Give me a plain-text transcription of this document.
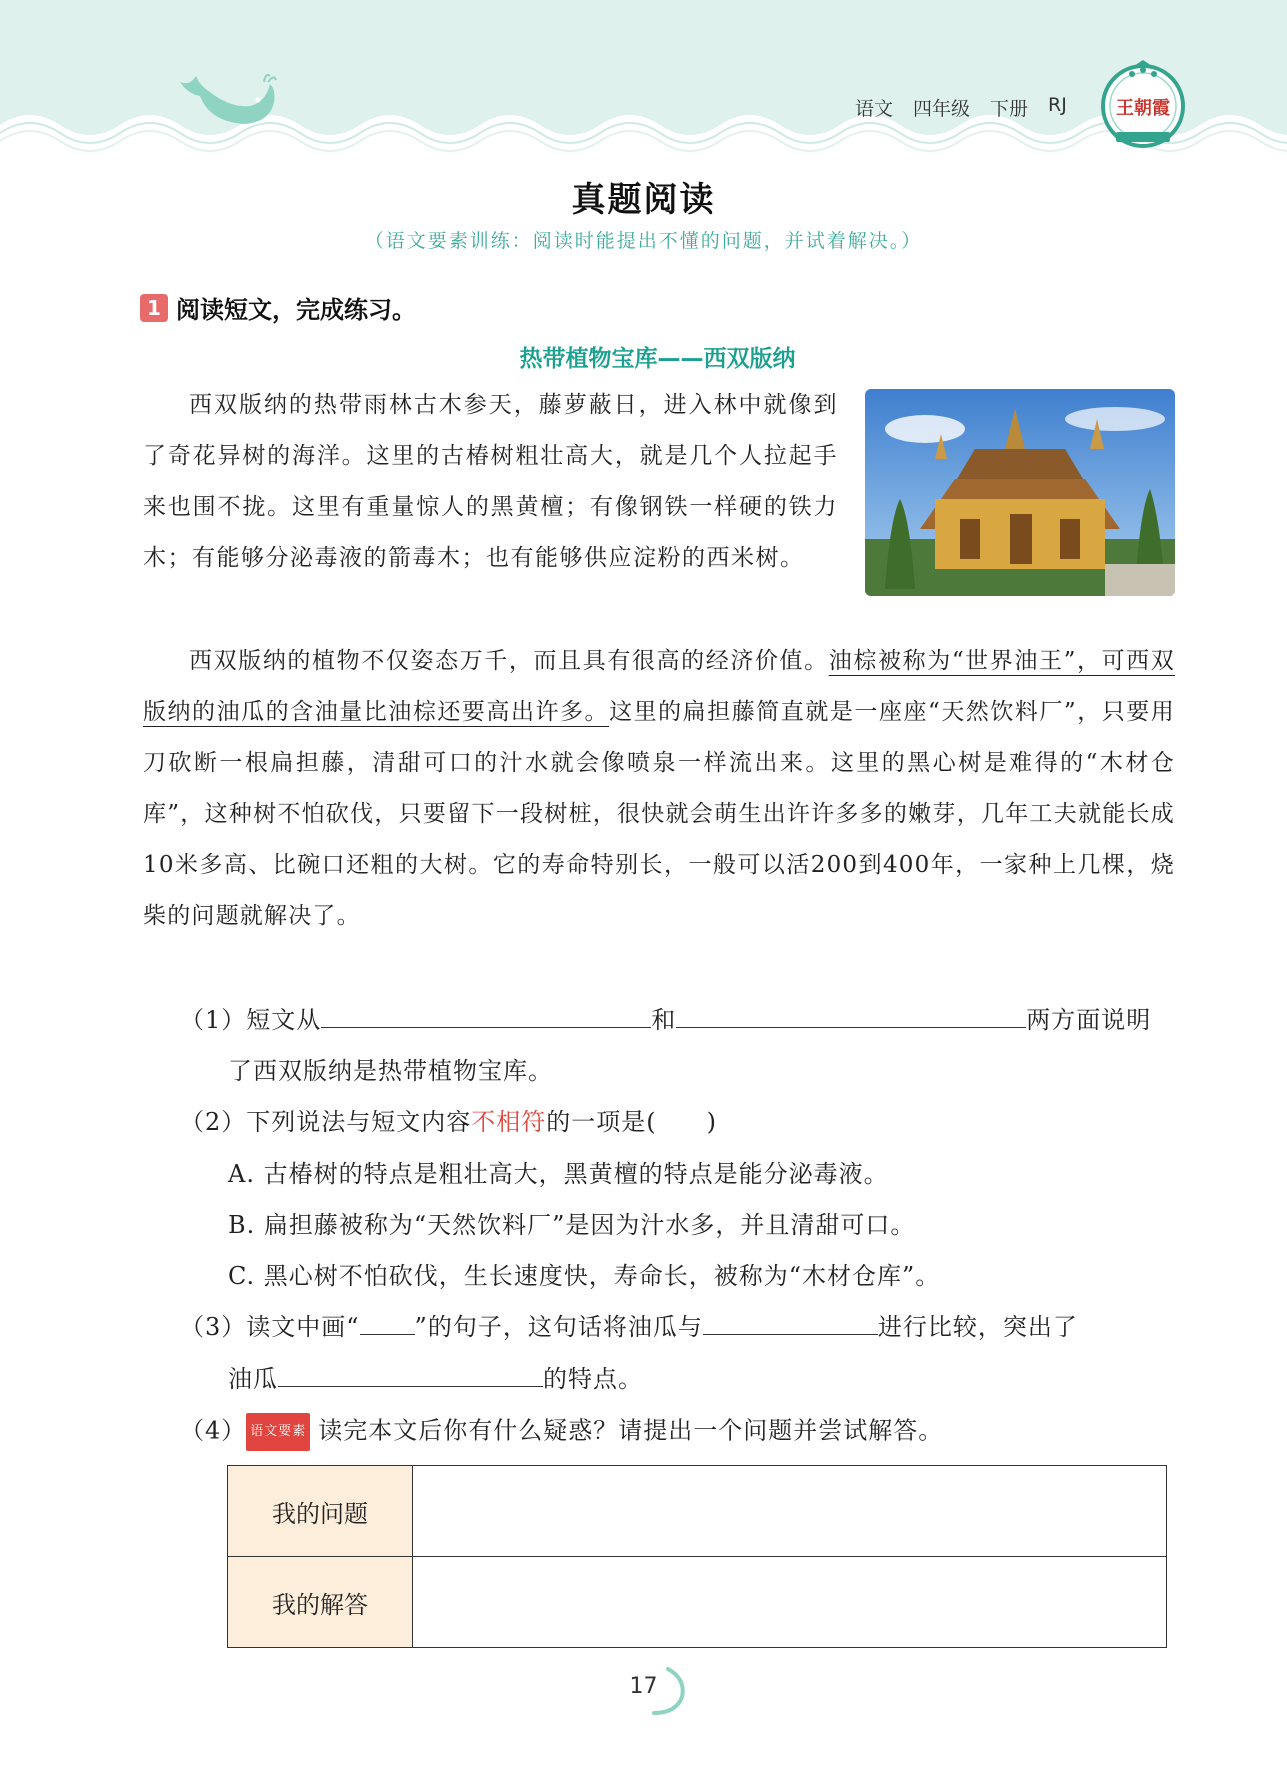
语文 四年级 下册 RJ	王朝霞
真题阅读
（语文要素训练：阅读时能提出不懂的问题，并试着解决。）
1 阅读短文，完成练习。
热带植物宝库——西双版纳
西双版纳的热带雨林古木参天，藤萝蔽日，进入林中就像到了奇花异树的海洋。这里的古椿树粗壮高大，就是几个人拉起手来也围不拢。这里有重量惊人的黑黄檀；有像钢铁一样硬的铁力木；有能够分泌毒液的箭毒木；也有能够供应淀粉的西米树。
西双版纳的植物不仅姿态万千，而且具有很高的经济价值。油棕被称为“世界油王”，可西双版纳的油瓜的含油量比油棕还要高出许多。这里的扁担藤简直就是一座座“天然饮料厂”，只要用刀砍断一根扁担藤，清甜可口的汁水就会像喷泉一样流出来。这里的黑心树是难得的“木材仓库”，这种树不怕砍伐，只要留下一段树桩，很快就会萌生出许许多多的嫩芽，几年工夫就能长成10米多高、比碗口还粗的大树。它的寿命特别长，一般可以活200到400年，一家种上几棵，烧柴的问题就解决了。
（1）短文从	和	两方面说明
了西双版纳是热带植物宝库。
（2）下列说法与短文内容不相符的一项是(　　)
A. 古椿树的特点是粗壮高大，黑黄檀的特点是能分泌毒液。
B. 扁担藤被称为“天然饮料厂”是因为汁水多，并且清甜可口。
C. 黑心树不怕砍伐，生长速度快，寿命长，被称为“木材仓库”。
（3）读文中画“ ”的句子，这句话将油瓜与	进行比较，突出了
油瓜	的特点。
（4） 语文要素 读完本文后你有什么疑惑？请提出一个问题并尝试解答。
我的问题	
我的解答	
17
